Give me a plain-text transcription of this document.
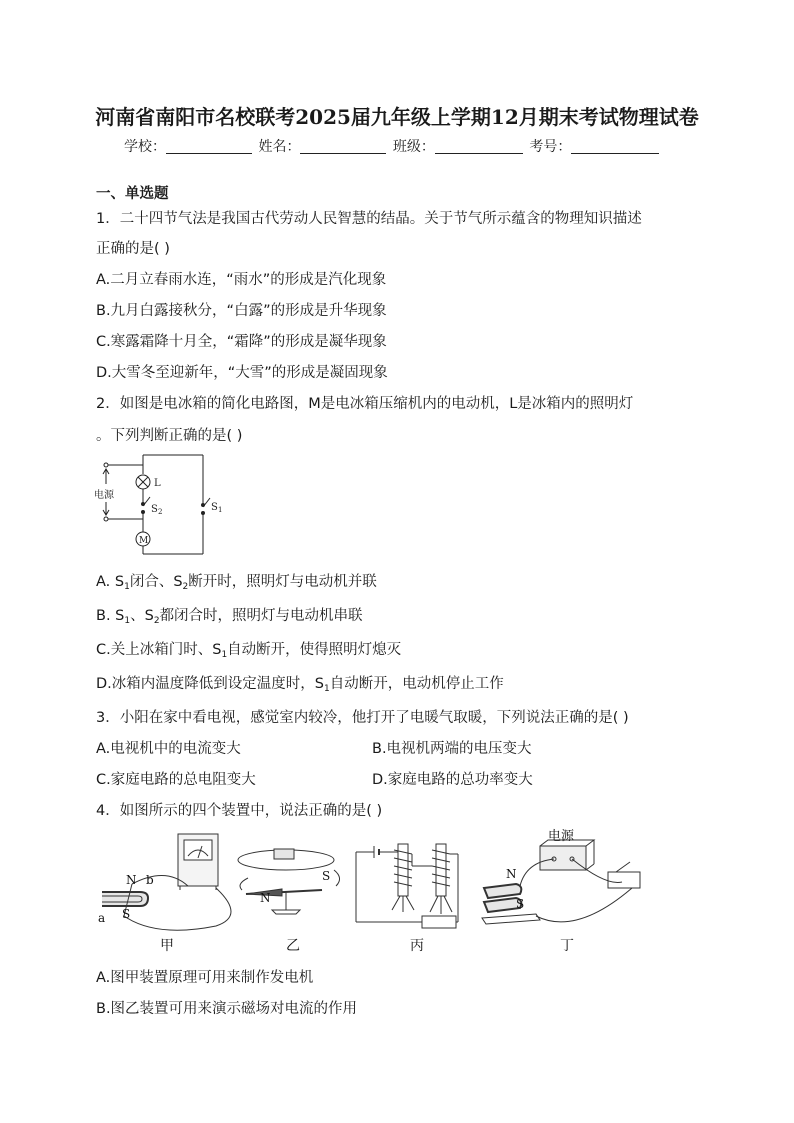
河南省南阳市名校联考2025届九年级上学期12月期末考试物理试卷
学校：	姓名：	班级：	考号：
一、单选题
1．二十四节气法是我国古代劳动人民智慧的结晶。关于节气所示蕴含的物理知识描述
正确的是( )
A.二月立春雨水连，“雨水”的形成是汽化现象
B.九月白露接秋分，“白露”的形成是升华现象
C.寒露霜降十月全，“霜降”的形成是凝华现象
D.大雪冬至迎新年，“大雪”的形成是凝固现象
2．如图是电冰箱的简化电路图，M是电冰箱压缩机内的电动机，L是冰箱内的照明灯
。下列判断正确的是( )
电源
L
S 2	S 1
M
A. $S_1$闭合、$S_2$断开时，照明灯与电动机并联
B. $S_1$、$S_2$都闭合时，照明灯与电动机串联
C.关上冰箱门时、$S_1$自动断开，使得照明灯熄灭
D.冰箱内温度降低到设定温度时，$S_1$自动断开，电动机停止工作
3．小阳在家中看电视，感觉室内较冷，他打开了电暖气取暖，下列说法正确的是( )
A.电视机中的电流变大	B.电视机两端的电压变大
C.家庭电路的总电阻变大	D.家庭电路的总功率变大
4．如图所示的四个装置中，说法正确的是( )
N b
S
a
N
S
电源
N
S
甲	乙	丙	丁
A.图甲装置原理可用来制作发电机
B.图乙装置可用来演示磁场对电流的作用
